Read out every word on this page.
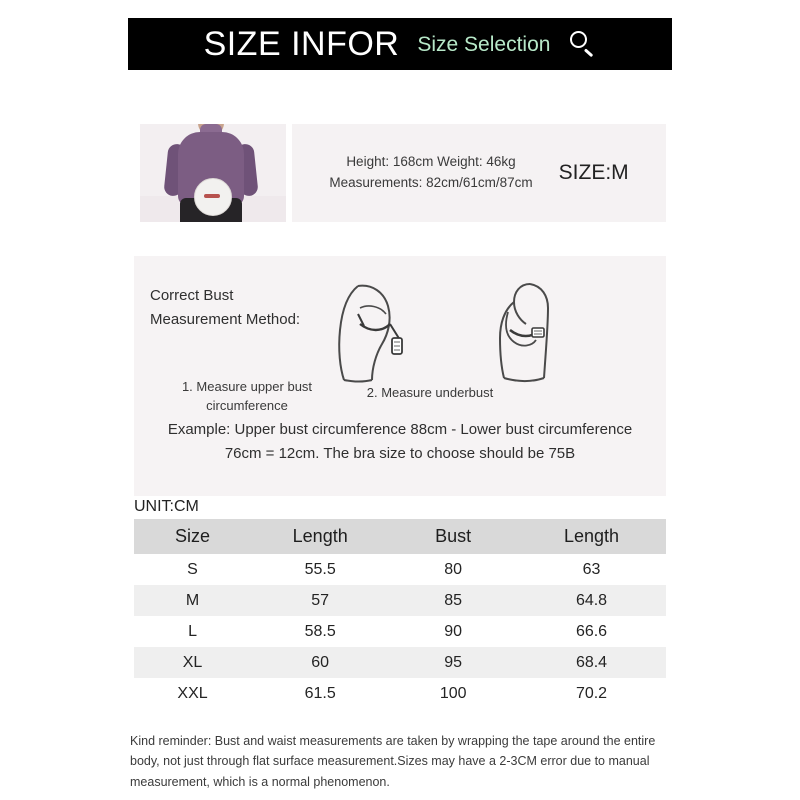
SIZE INFOR Size Selection
Height: 168cm Weight: 46kg
Measurements: 82cm/61cm/87cm SIZE:M
Correct Bust
Measurement Method:
1. Measure upper bust circumference
2. Measure underbust
Example: Upper bust circumference 88cm - Lower bust circumference 76cm = 12cm. The bra size to choose should be 75B
UNIT:CM
Size	Length	Bust	Length
S	55.5	80	63
M	57	85	64.8
L	58.5	90	66.6
XL	60	95	68.4
XXL	61.5	100	70.2
Kind reminder: Bust and waist measurements are taken by wrapping the tape around the entire body, not just through flat surface measurement.Sizes may have a 2-3CM error due to manual measurement, which is a normal phenomenon.
